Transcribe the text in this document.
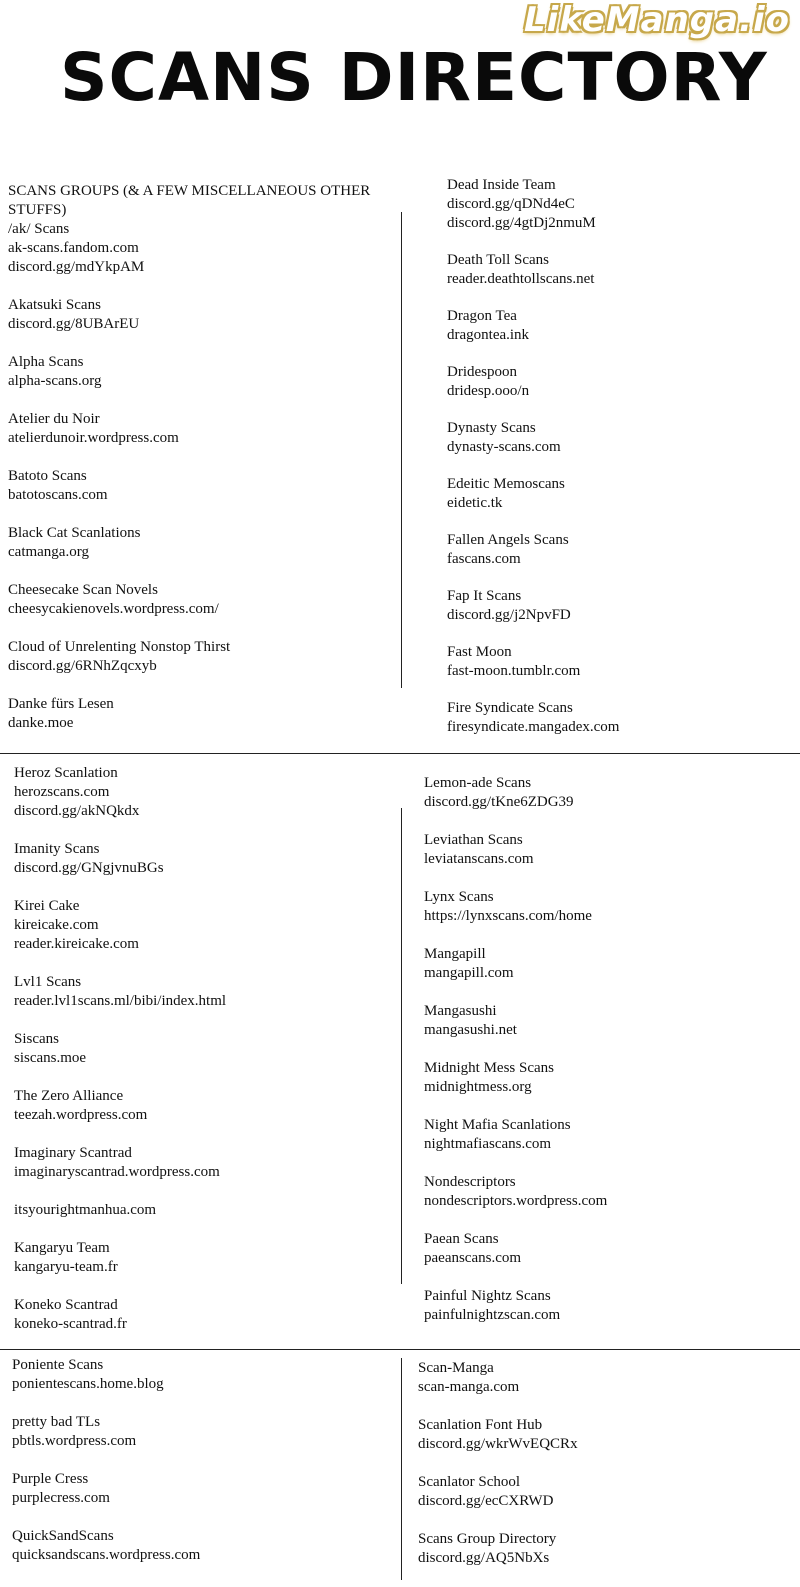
LikeManga.io
SCANS DIRECTORY
SCANS GROUPS (& A FEW MISCELLANEOUS OTHER STUFFS)
/ak/ Scans
ak-scans.fandom.com
discord.gg/mdYkpAM
Akatsuki Scans
discord.gg/8UBArEU
Alpha Scans
alpha-scans.org
Atelier du Noir
atelierdunoir.wordpress.com
Batoto Scans
batotoscans.com
Black Cat Scanlations
catmanga.org
Cheesecake Scan Novels
cheesycakienovels.wordpress.com/
Cloud of Unrelenting Nonstop Thirst
discord.gg/6RNhZqcxyb
Danke fürs Lesen
danke.moe
Dead Inside Team
discord.gg/qDNd4eC
discord.gg/4gtDj2nmuM
Death Toll Scans
reader.deathtollscans.net
Dragon Tea
dragontea.ink
Dridespoon
dridesp.ooo/n
Dynasty Scans
dynasty-scans.com
Edeitic Memoscans
eidetic.tk
Fallen Angels Scans
fascans.com
Fap It Scans
discord.gg/j2NpvFD
Fast Moon
fast-moon.tumblr.com
Fire Syndicate Scans
firesyndicate.mangadex.com
Heroz Scanlation
herozscans.com
discord.gg/akNQkdx
Imanity Scans
discord.gg/GNgjvnuBGs
Kirei Cake
kireicake.com
reader.kireicake.com
Lvl1 Scans
reader.lvl1scans.ml/bibi/index.html
Siscans
siscans.moe
The Zero Alliance
teezah.wordpress.com
Imaginary Scantrad
imaginaryscantrad.wordpress.com
itsyourightmanhua.com
Kangaryu Team
kangaryu-team.fr
Koneko Scantrad
koneko-scantrad.fr
Lemon-ade Scans
discord.gg/tKne6ZDG39
Leviathan Scans
leviatanscans.com
Lynx Scans
https://lynxscans.com/home
Mangapill
mangapill.com
Mangasushi
mangasushi.net
Midnight Mess Scans
midnightmess.org
Night Mafia Scanlations
nightmafiascans.com
Nondescriptors
nondescriptors.wordpress.com
Paean Scans
paeanscans.com
Painful Nightz Scans
painfulnightzscan.com
Poniente Scans
ponientescans.home.blog
pretty bad TLs
pbtls.wordpress.com
Purple Cress
purplecress.com
QuickSandScans
quicksandscans.wordpress.com
Scan-Manga
scan-manga.com
Scanlation Font Hub
discord.gg/wkrWvEQCRx
Scanlator School
discord.gg/ecCXRWD
Scans Group Directory
discord.gg/AQ5NbXs
